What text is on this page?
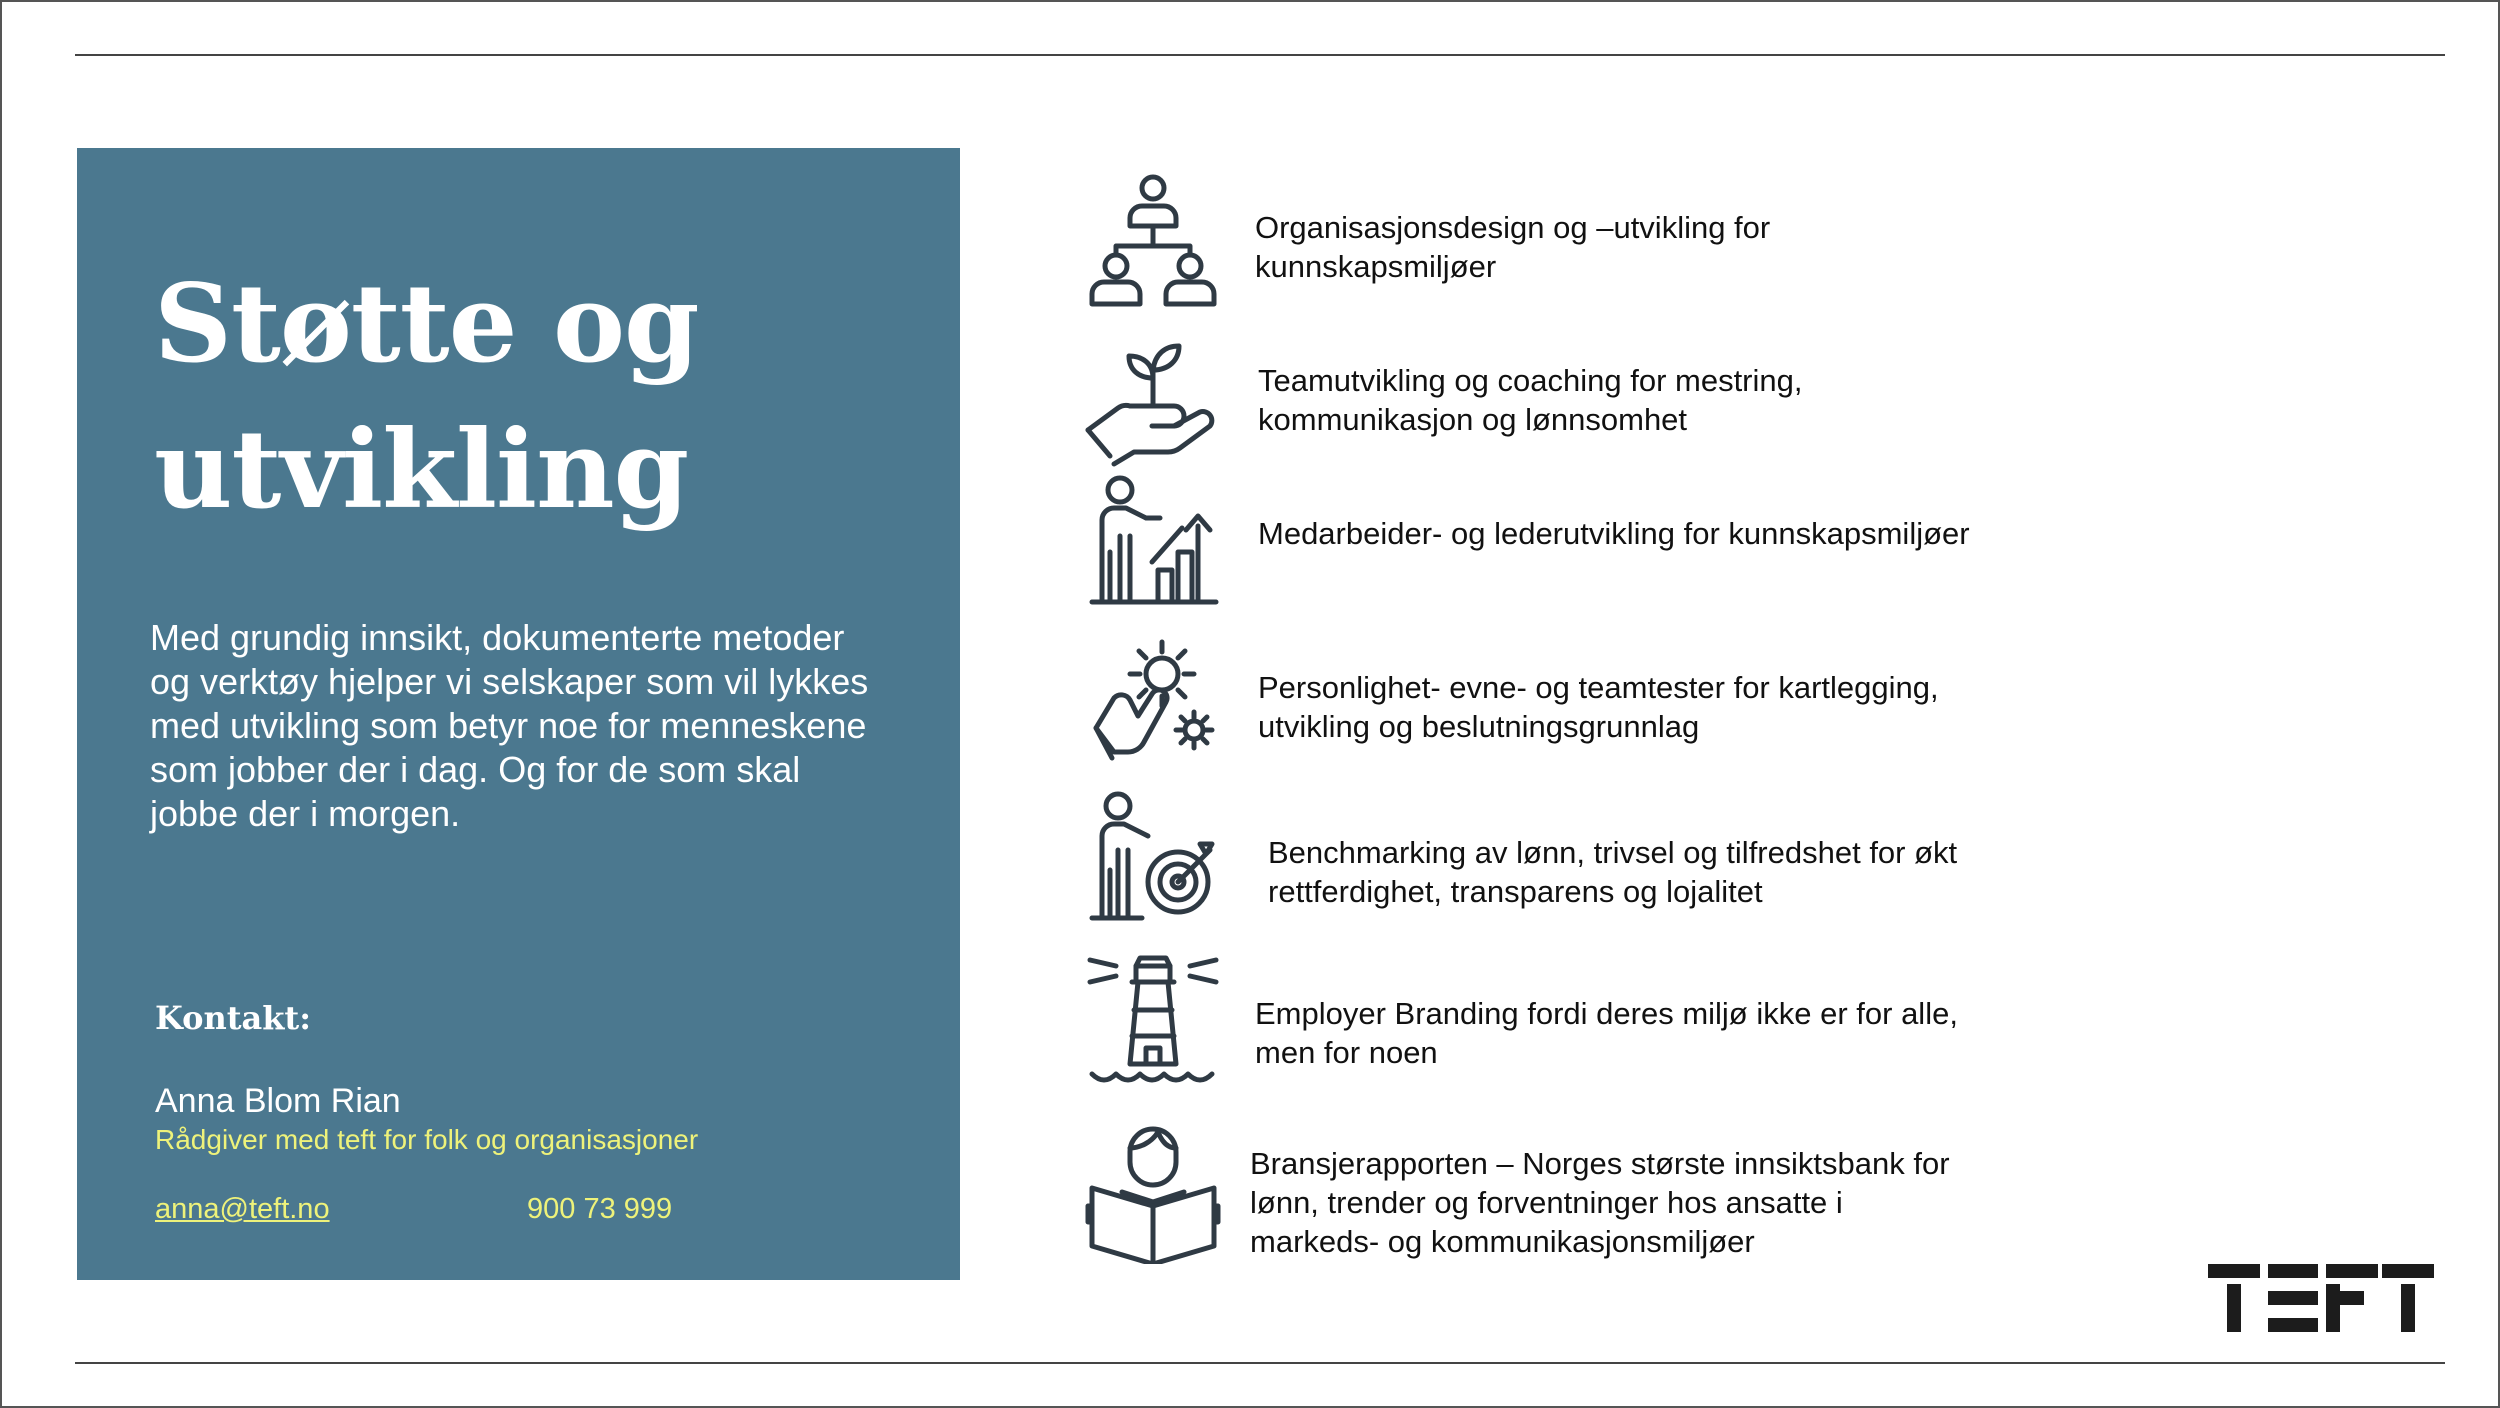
Støtte og
utvikling
Med grundig innsikt, dokumenterte metoder og verktøy hjelper vi selskaper som vil lykkes med utvikling som betyr noe for menneskene som jobber der i dag. Og for de som skal jobbe der i morgen.
Kontakt:
Anna Blom Rian
Rådgiver med teft for folk og organisasjoner
anna@teft.no	900 73 999
Organisasjonsdesign og –utvikling for kunnskapsmiljøer
Teamutvikling og coaching for mestring, kommunikasjon og lønnsomhet
Medarbeider- og lederutvikling for kunnskapsmiljøer
Personlighet- evne- og teamtester for kartlegging, utvikling og beslutningsgrunnlag
Benchmarking av lønn, trivsel og tilfredshet for økt rettferdighet, transparens og lojalitet
Employer Branding fordi deres miljø ikke er for alle, men for noen
Bransjerapporten – Norges største innsiktsbank for lønn, trender og forventninger hos ansatte i markeds- og kommunikasjonsmiljøer
